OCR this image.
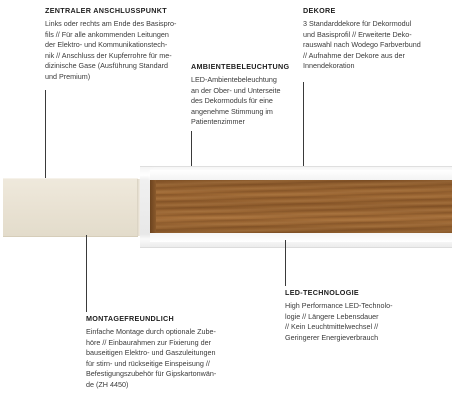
ZENTRALER ANSCHLUSSPUNKT

Links oder rechts am Ende des Basispro-
fils // Für alle ankommenden Leitungen
der Elektro- und Kommunikationstech-
nik // Anschluss der Kupferrohre für me-
dizinische Gase (Ausführung Standard
und Premium)

DEKORE

3 Standarddekore für Dekormodul
und Basisprofil // Erweiterte Deko-
rauswahl nach Wodego Farbverbund
// Aufnahme der Dekore aus der
Innendekoration

AMBIENTEBELEUCHTUNG

LED-Ambientebeleuchtung
an der Ober- und Unterseite
des Dekormoduls für eine
angenehme Stimmung im
Patientenzimmer

LED-TECHNOLOGIE

High Performance LED-Technolo-
logie // Längere Lebensdauer
// Kein Leuchtmittelwechsel //
Geringerer Energieverbrauch

MONTAGEFREUNDLICH

Einfache Montage durch optionale Zube-
höre // Einbaurahmen zur Fixierung der
bauseitigen Elektro- und Gaszuleitungen
für stirn- und rückseitige Einspeisung //
Befestigungszubehör für Gipskartonwän-
de (ZH 4450)
